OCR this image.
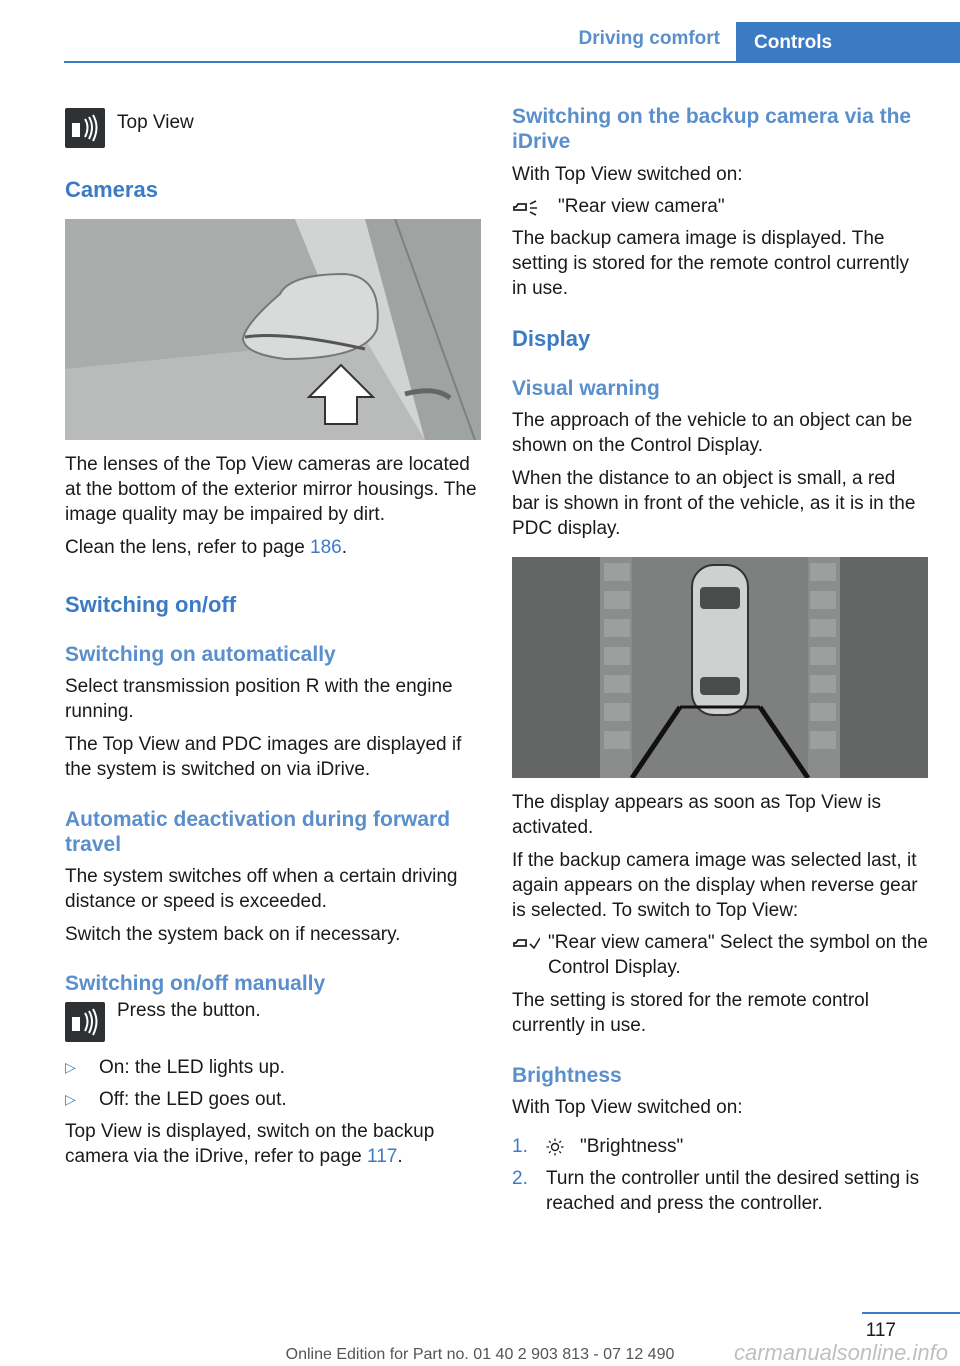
Driving comfort	Controls
Top View

Cameras

The lenses of the Top View cameras are located at the bottom of the exterior mirror housings. The image quality may be impaired by dirt.

Clean the lens, refer to page 186.

Switching on/off

Switching on automatically

Select transmission position R with the engine running.

The Top View and PDC images are displayed if the system is switched on via iDrive.

Automatic deactivation during forward travel

The system switches off when a certain driving distance or speed is exceeded.

Switch the system back on if necessary.

Switching on/off manually

Press the button.
▷	On: the LED lights up.
▷	Off: the LED goes out.

Top View is displayed, switch on the backup camera via the iDrive, refer to page 117.

Switching on the backup camera via the iDrive

With Top View switched on:

"Rear view camera"

The backup camera image is displayed. The setting is stored for the remote control currently in use.

Display

Visual warning

The approach of the vehicle to an object can be shown on the Control Display.

When the distance to an object is small, a red bar is shown in front of the vehicle, as it is in the PDC display.

The display appears as soon as Top View is activated.

If the backup camera image was selected last, it again appears on the display when reverse gear is selected. To switch to Top View:

"Rear view camera" Select the symbol on the Control Display.

The setting is stored for the remote control currently in use.

Brightness

With Top View switched on:

1.	"Brightness"
2. Turn the controller until the desired setting is reached and press the controller.
117
Online Edition for Part no. 01 40 2 903 813 - 07 12 490	carmanualsonline.info
